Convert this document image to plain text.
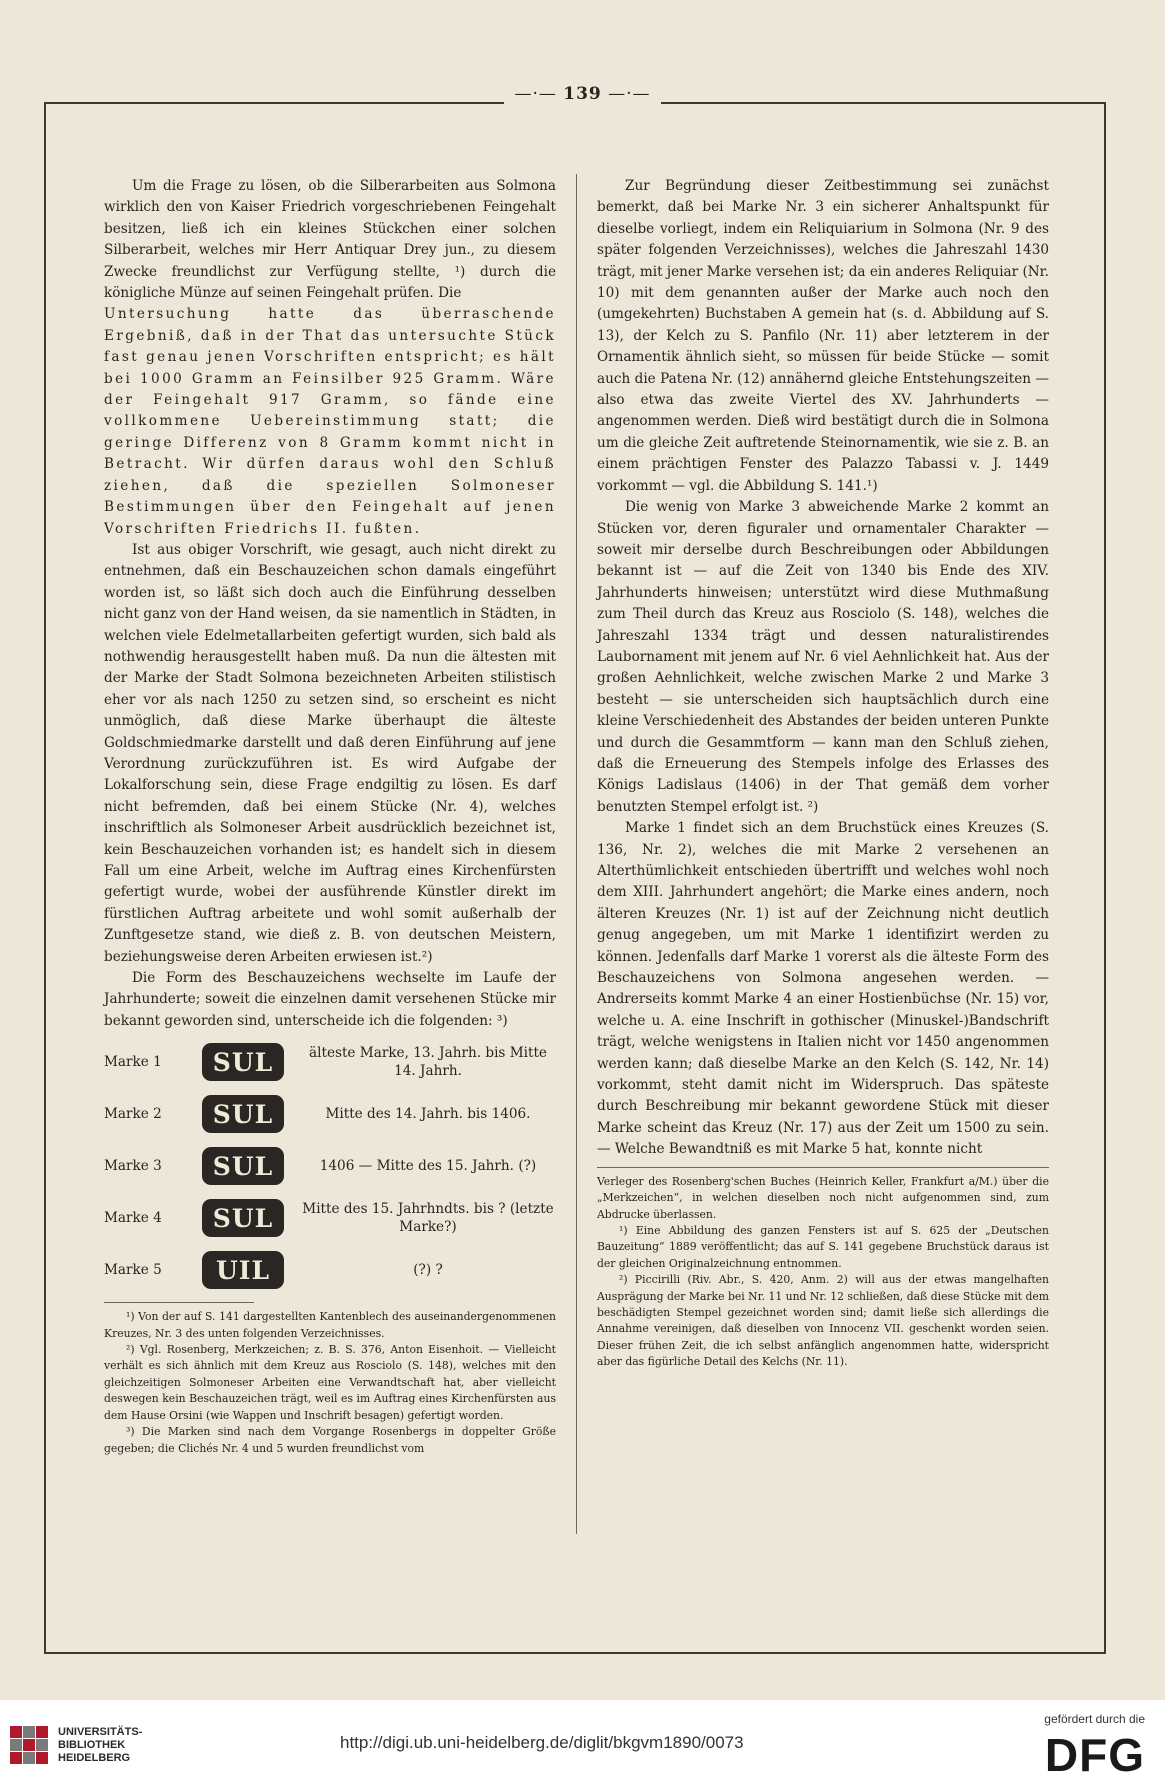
—·— 139 —·—

Um die Frage zu lösen, ob die Silberarbeiten aus Solmona wirklich den von Kaiser Friedrich vorgeschriebenen Feingehalt besitzen, ließ ich ein kleines Stückchen einer solchen Silberarbeit, welches mir Herr Antiquar Drey jun., zu diesem Zwecke freundlichst zur Verfügung stellte, ¹) durch die königliche Münze auf seinen Feingehalt prüfen. Die

Untersuchung hatte das überraschende Ergebniß, daß in der That das untersuchte Stück fast genau jenen Vorschriften entspricht; es hält bei 1000 Gramm an Feinsilber 925 Gramm. Wäre der Feingehalt 917 Gramm, so fände eine vollkommene Uebereinstimmung statt; die geringe Differenz von 8 Gramm kommt nicht in Betracht. Wir dürfen daraus wohl den Schluß ziehen, daß die speziellen Solmoneser Bestimmungen über den Feingehalt auf jenen Vorschriften Friedrichs II. fußten.

Ist aus obiger Vorschrift, wie gesagt, auch nicht direkt zu entnehmen, daß ein Beschauzeichen schon damals eingeführt worden ist, so läßt sich doch auch die Einführung desselben nicht ganz von der Hand weisen, da sie namentlich in Städten, in welchen viele Edelmetallarbeiten gefertigt wurden, sich bald als nothwendig herausgestellt haben muß. Da nun die ältesten mit der Marke der Stadt Solmona bezeichneten Arbeiten stilistisch eher vor als nach 1250 zu setzen sind, so erscheint es nicht unmöglich, daß diese Marke überhaupt die älteste Goldschmiedmarke darstellt und daß deren Einführung auf jene Verordnung zurückzuführen ist. Es wird Aufgabe der Lokalforschung sein, diese Frage endgiltig zu lösen. Es darf nicht befremden, daß bei einem Stücke (Nr. 4), welches inschriftlich als Solmoneser Arbeit ausdrücklich bezeichnet ist, kein Beschauzeichen vorhanden ist; es handelt sich in diesem Fall um eine Arbeit, welche im Auftrag eines Kirchenfürsten gefertigt wurde, wobei der ausführende Künstler direkt im fürstlichen Auftrag arbeitete und wohl somit außerhalb der Zunftgesetze stand, wie dieß z. B. von deutschen Meistern, beziehungsweise deren Arbeiten erwiesen ist.²)

Die Form des Beschauzeichens wechselte im Laufe der Jahrhunderte; soweit die einzelnen damit versehenen Stücke mir bekannt geworden sind, unterscheide ich die folgenden: ³)

Marke 1	SUL	älteste Marke, 13. Jahrh. bis Mitte 14. Jahrh.
Marke 2	SUL	Mitte des 14. Jahrh. bis 1406.
Marke 3	SUL	1406 — Mitte des 15. Jahrh. (?)
Marke 4	SUL	Mitte des 15. Jahrhndts. bis ? (letzte Marke?)
Marke 5	UIL	(?) ?

¹) Von der auf S. 141 dargestellten Kantenblech des auseinandergenommenen Kreuzes, Nr. 3 des unten folgenden Verzeichnisses.

²) Vgl. Rosenberg, Merkzeichen; z. B. S. 376, Anton Eisenhoit. — Vielleicht verhält es sich ähnlich mit dem Kreuz aus Rosciolo (S. 148), welches mit den gleichzeitigen Solmoneser Arbeiten eine Verwandtschaft hat, aber vielleicht deswegen kein Beschauzeichen trägt, weil es im Auftrag eines Kirchenfürsten aus dem Hause Orsini (wie Wappen und Inschrift besagen) gefertigt worden.

³) Die Marken sind nach dem Vorgange Rosenbergs in doppelter Größe gegeben; die Clichés Nr. 4 und 5 wurden freundlichst vom

Zur Begründung dieser Zeitbestimmung sei zunächst bemerkt, daß bei Marke Nr. 3 ein sicherer Anhaltspunkt für dieselbe vorliegt, indem ein Reliquiarium in Solmona (Nr. 9 des später folgenden Verzeichnisses), welches die Jahreszahl 1430 trägt, mit jener Marke versehen ist; da ein anderes Reliquiar (Nr. 10) mit dem genannten außer der Marke auch noch den (umgekehrten) Buchstaben A gemein hat (s. d. Abbildung auf S. 13), der Kelch zu S. Panfilo (Nr. 11) aber letzterem in der Ornamentik ähnlich sieht, so müssen für beide Stücke — somit auch die Patena Nr. (12) annähernd gleiche Entstehungszeiten — also etwa das zweite Viertel des XV. Jahrhunderts — angenommen werden. Dieß wird bestätigt durch die in Solmona um die gleiche Zeit auftretende Steinornamentik, wie sie z. B. an einem prächtigen Fenster des Palazzo Tabassi v. J. 1449 vorkommt — vgl. die Abbildung S. 141.¹)

Die wenig von Marke 3 abweichende Marke 2 kommt an Stücken vor, deren figuraler und ornamentaler Charakter — soweit mir derselbe durch Beschreibungen oder Abbildungen bekannt ist — auf die Zeit von 1340 bis Ende des XIV. Jahrhunderts hinweisen; unterstützt wird diese Muthmaßung zum Theil durch das Kreuz aus Rosciolo (S. 148), welches die Jahreszahl 1334 trägt und dessen naturalistirendes Laubornament mit jenem auf Nr. 6 viel Aehnlichkeit hat. Aus der großen Aehnlichkeit, welche zwischen Marke 2 und Marke 3 besteht — sie unterscheiden sich hauptsächlich durch eine kleine Verschiedenheit des Abstandes der beiden unteren Punkte und durch die Gesammtform — kann man den Schluß ziehen, daß die Erneuerung des Stempels infolge des Erlasses des Königs Ladislaus (1406) in der That gemäß dem vorher benutzten Stempel erfolgt ist. ²)

Marke 1 findet sich an dem Bruchstück eines Kreuzes (S. 136, Nr. 2), welches die mit Marke 2 versehenen an Alterthümlichkeit entschieden übertrifft und welches wohl noch dem XIII. Jahrhundert angehört; die Marke eines andern, noch älteren Kreuzes (Nr. 1) ist auf der Zeichnung nicht deutlich genug angegeben, um mit Marke 1 identifizirt werden zu können. Jedenfalls darf Marke 1 vorerst als die älteste Form des Beschauzeichens von Solmona angesehen werden. — Andrerseits kommt Marke 4 an einer Hostienbüchse (Nr. 15) vor, welche u. A. eine Inschrift in gothischer (Minuskel-)Bandschrift trägt, welche wenigstens in Italien nicht vor 1450 angenommen werden kann; daß dieselbe Marke an den Kelch (S. 142, Nr. 14) vorkommt, steht damit nicht im Widerspruch. Das späteste durch Beschreibung mir bekannt gewordene Stück mit dieser Marke scheint das Kreuz (Nr. 17) aus der Zeit um 1500 zu sein. — Welche Bewandtniß es mit Marke 5 hat, konnte nicht

Verleger des Rosenberg'schen Buches (Heinrich Keller, Frankfurt a/M.) über die „Merkzeichen“, in welchen dieselben noch nicht aufgenommen sind, zum Abdrucke überlassen.

¹) Eine Abbildung des ganzen Fensters ist auf S. 625 der „Deutschen Bauzeitung“ 1889 veröffentlicht; das auf S. 141 gegebene Bruchstück daraus ist der gleichen Originalzeichnung entnommen.

²) Piccirilli (Riv. Abr., S. 420, Anm. 2) will aus der etwas mangelhaften Ausprägung der Marke bei Nr. 11 und Nr. 12 schließen, daß diese Stücke mit dem beschädigten Stempel gezeichnet worden sind; damit ließe sich allerdings die Annahme vereinigen, daß dieselben von Innocenz VII. geschenkt worden seien. Dieser frühen Zeit, die ich selbst anfänglich angenommen hatte, widerspricht aber das figürliche Detail des Kelchs (Nr. 11).

UNIVERSITÄTS-
BIBLIOTHEK
HEIDELBERG
http://digi.ub.uni-heidelberg.de/diglit/bkgvm1890/0073
gefördert durch die
DFG
